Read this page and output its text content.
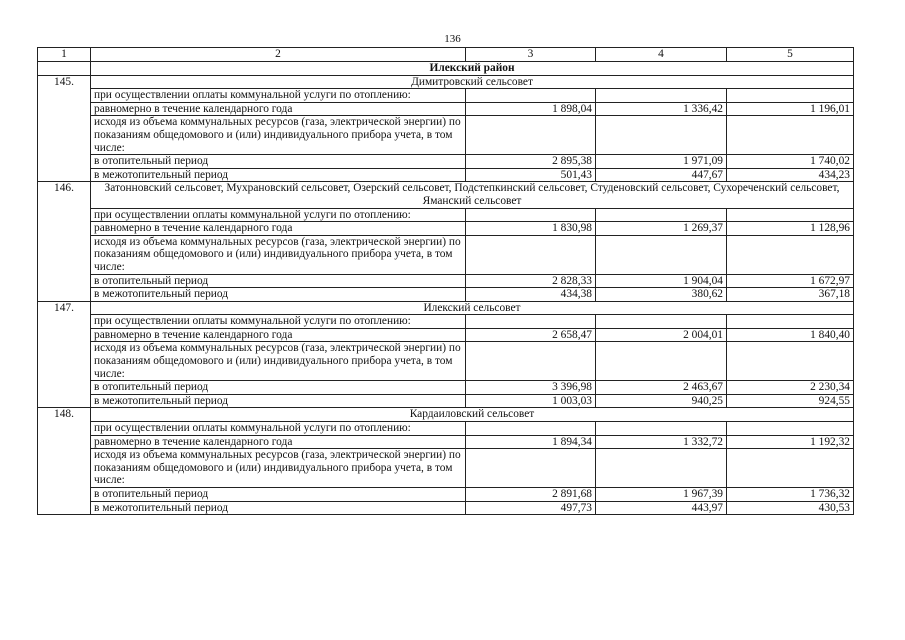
136
1	2	3	4	5
	Илекский район			
145.	Димитровский сельсовет			
	при осуществлении оплаты коммунальной услуги по отоплению:			
	равномерно в течение календарного года	1 898,04	1 336,42	1 196,01
	исходя из объема коммунальных ресурсов (газа, электрической энергии) по показаниям общедомового и (или) индивидуального прибора учета, в том числе:			
	в отопительный период	2 895,38	1 971,09	1 740,02
	в межотопительный период	501,43	447,67	434,23
146.	Затонновский сельсовет, Мухрановский сельсовет, Озерский сельсовет, Подстепкинский сельсовет, Студеновский сельсовет, Сухореченский сельсовет, Яманский сельсовет			
	при осуществлении оплаты коммунальной услуги по отоплению:			
	равномерно в течение календарного года	1 830,98	1 269,37	1 128,96
	исходя из объема коммунальных ресурсов (газа, электрической энергии) по показаниям общедомового и (или) индивидуального прибора учета, в том числе:			
	в отопительный период	2 828,33	1 904,04	1 672,97
	в межотопительный период	434,38	380,62	367,18
147.	Илекский сельсовет			
	при осуществлении оплаты коммунальной услуги по отоплению:			
	равномерно в течение календарного года	2 658,47	2 004,01	1 840,40
	исходя из объема коммунальных ресурсов (газа, электрической энергии) по показаниям общедомового и (или) индивидуального прибора учета, в том числе:			
	в отопительный период	3 396,98	2 463,67	2 230,34
	в межотопительный период	1 003,03	940,25	924,55
148.	Кардаиловский сельсовет			
	при осуществлении оплаты коммунальной услуги по отоплению:			
	равномерно в течение календарного года	1 894,34	1 332,72	1 192,32
	исходя из объема коммунальных ресурсов (газа, электрической энергии) по показаниям общедомового и (или) индивидуального прибора учета, в том числе:			
	в отопительный период	2 891,68	1 967,39	1 736,32
	в межотопительный период	497,73	443,97	430,53
